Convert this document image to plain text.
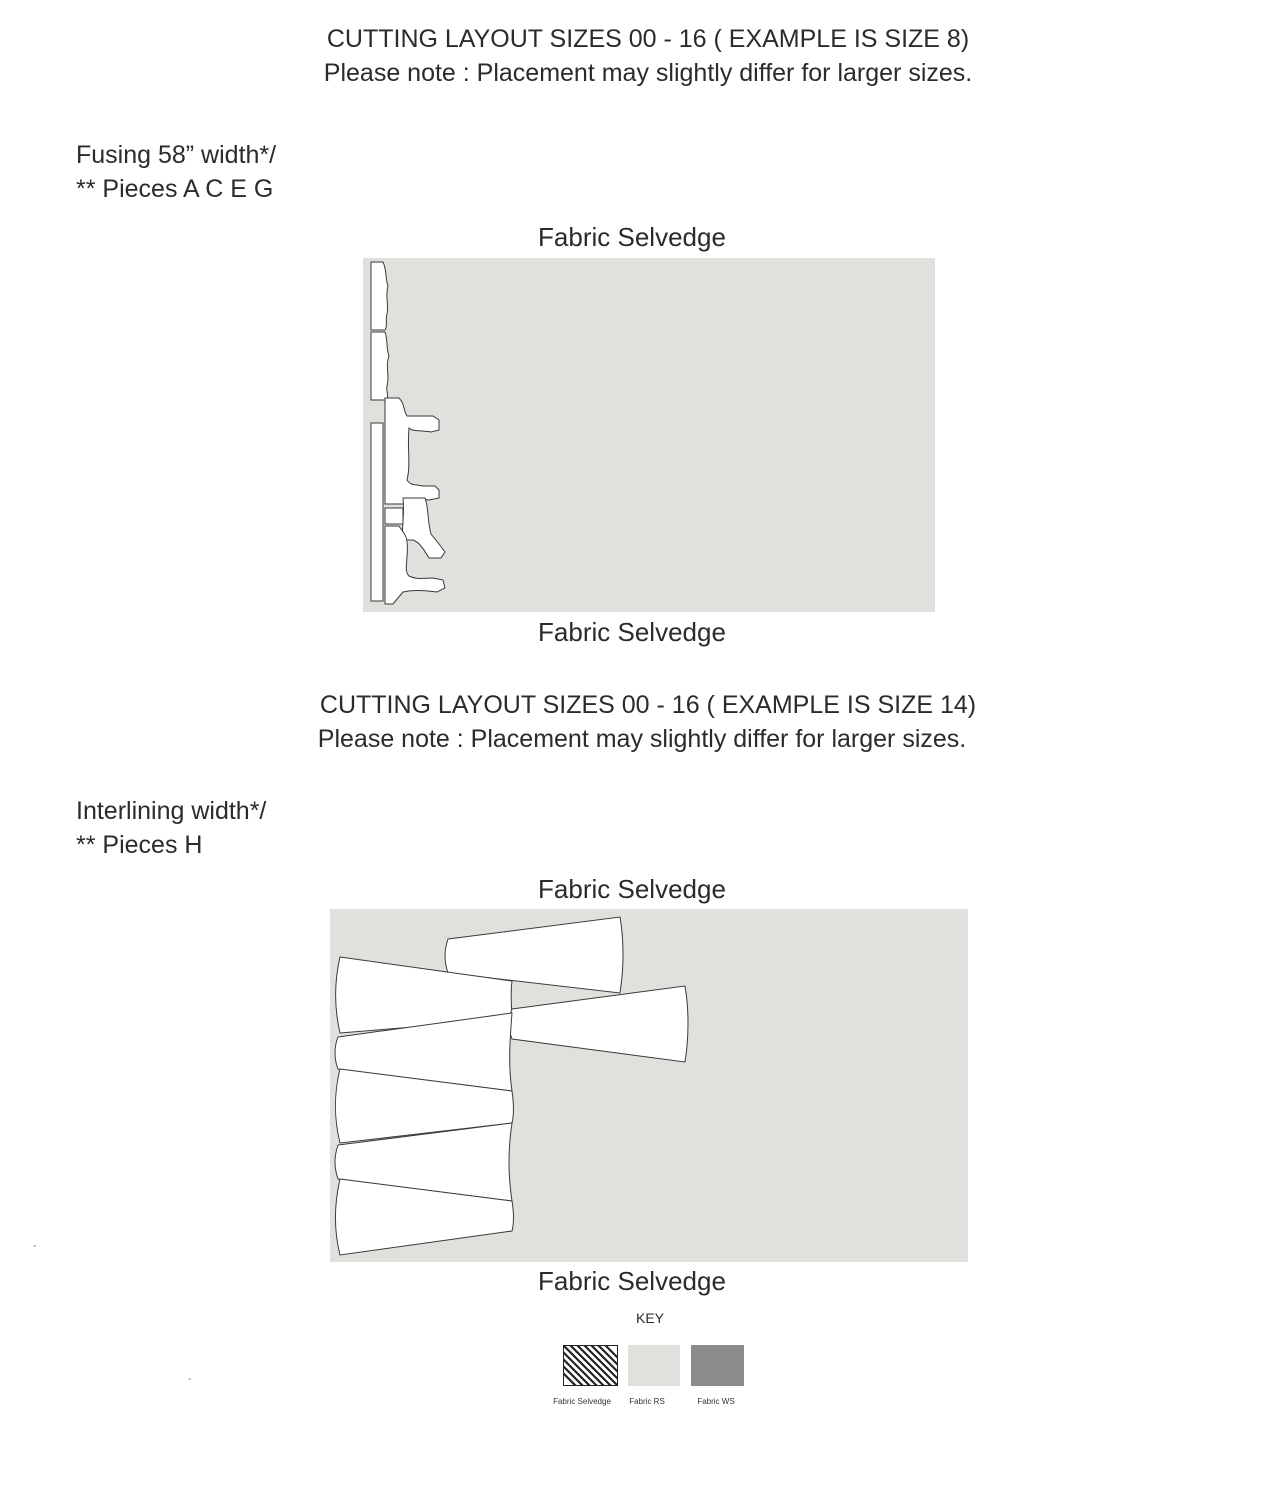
CUTTING LAYOUT SIZES 00 - 16 ( EXAMPLE IS SIZE 8)
Please note : Placement may slightly differ for larger sizes.
Fusing 58” width*/
** Pieces A C E G
Fabric Selvedge
Fabric Selvedge
CUTTING LAYOUT SIZES 00 - 16 ( EXAMPLE IS SIZE 14)
Please note : Placement may slightly differ for larger sizes.
Interlining width*/
** Pieces H
Fabric Selvedge
Fabric Selvedge
KEY
Fabric Selvedge	Fabric RS	Fabric WS
-
-
